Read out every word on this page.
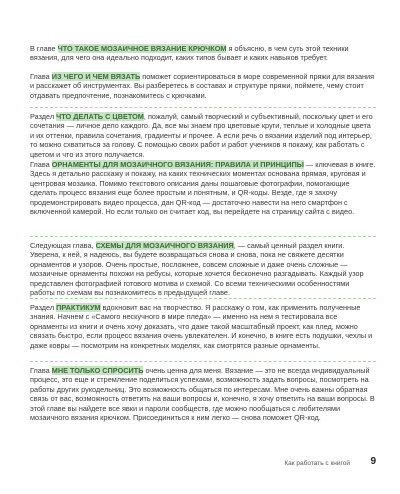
В главе ЧТО ТАКОЕ МОЗАИЧНОЕ ВЯЗАНИЕ КРЮЧКОМ я объясню, в чем суть этой техники вязания, для чего она идеально подходит, каких типов бывает и каких навыков требует.
Глава ИЗ ЧЕГО И ЧЕМ ВЯЗАТЬ поможет сориентироваться в море современной пряжи для вязания и расскажет об инструментах. Вы разберетесь в составах и структуре пряжи, поймете, чему стоит отдавать предпочтение, познакомитесь с крючками.
Раздел ЧТО ДЕЛАТЬ С ЦВЕТОМ, пожалуй, самый творческий и субъективный, поскольку цвет и его сочетания — личное дело каждого. Да, все мы знаем про цветовые круги, теплые и холодные цвета и их оттенки, правила сочетания, градиенты и прочее. А если речь о вязании изделий под интерьер, то можно схватиться за голову. С помощью своих работ и работ учеников я покажу, как работать с цветом и что из этого получается.
Глава ОРНАМЕНТЫ ДЛЯ МОЗАИЧНОГО ВЯЗАНИЯ: ПРАВИЛА И ПРИНЦИПЫ — ключевая в книге. Здесь я детально расскажу и покажу, на каких технических моментах основана прямая, круговая и центровая мозаика. Помимо текстового описания даны пошаговые фотографии, помогающие сделать процесс вязания еще более простым и понятным, и QR-коды. Везде, где я захочу продемонстрировать видео процесса, дан QR-код — достаточно навести на него смартфон с включенной камерой. Но если только он считает код, вы перейдете на страницу сайта с видео.
Следующая глава, СХЕМЫ ДЛЯ МОЗАИЧНОГО ВЯЗАНИЯ, — самый ценный раздел книги. Уверена, к ней, я надеюсь, вы будете возвращаться снова и снова, пока не свяжете десятки орнаментов и узоров. Очень простые, посложнее, совсем сложные и даже очень сложные — мозаичные орнаменты похожи на ребусы, которые хочется бесконечно разгадывать. Каждый узор представлен фотографией готового мотива и схемой. Со всеми техническими особенностями работы по схемам вы познакомитесь в предыдущей главе.
Раздел ПРАКТИКУМ вдохновит вас на творчество. Я расскажу о том, как применить полученные знания. Начнем с «Самого нескучного в мире пледа» — именно на нем я тестировала все орнаменты из книги и очень хочу доказать, что даже такой масштабный проект, как плед, можно связать быстро, если процесс вязания очень увлекателен. И конечно, в книге есть подушки, чехлы и даже ковры — посмотрим на конкретных моделях, как смотрятся разные орнаменты.
Глава МНЕ ТОЛЬКО СПРОСИТЬ очень ценна для меня. Вязание — это не всегда индивидуальный процесс, это еще и стремление поделиться успехами, возможность задать вопросы, посмотреть на работы других рукодельниц. Это возможность общаться по интересам. Мне очень важны обратная связь от вас, возможность ответить на ваши вопросы и, конечно, я хочу ответить на ваши вопросы. В этой главе вы найдете все явки и пароли сообществ, где можно пообщаться с любителями мозаичного вязания крючком. Присоединиться к ним легко — снова поможет QR-код.
Как работать с книгой 9
